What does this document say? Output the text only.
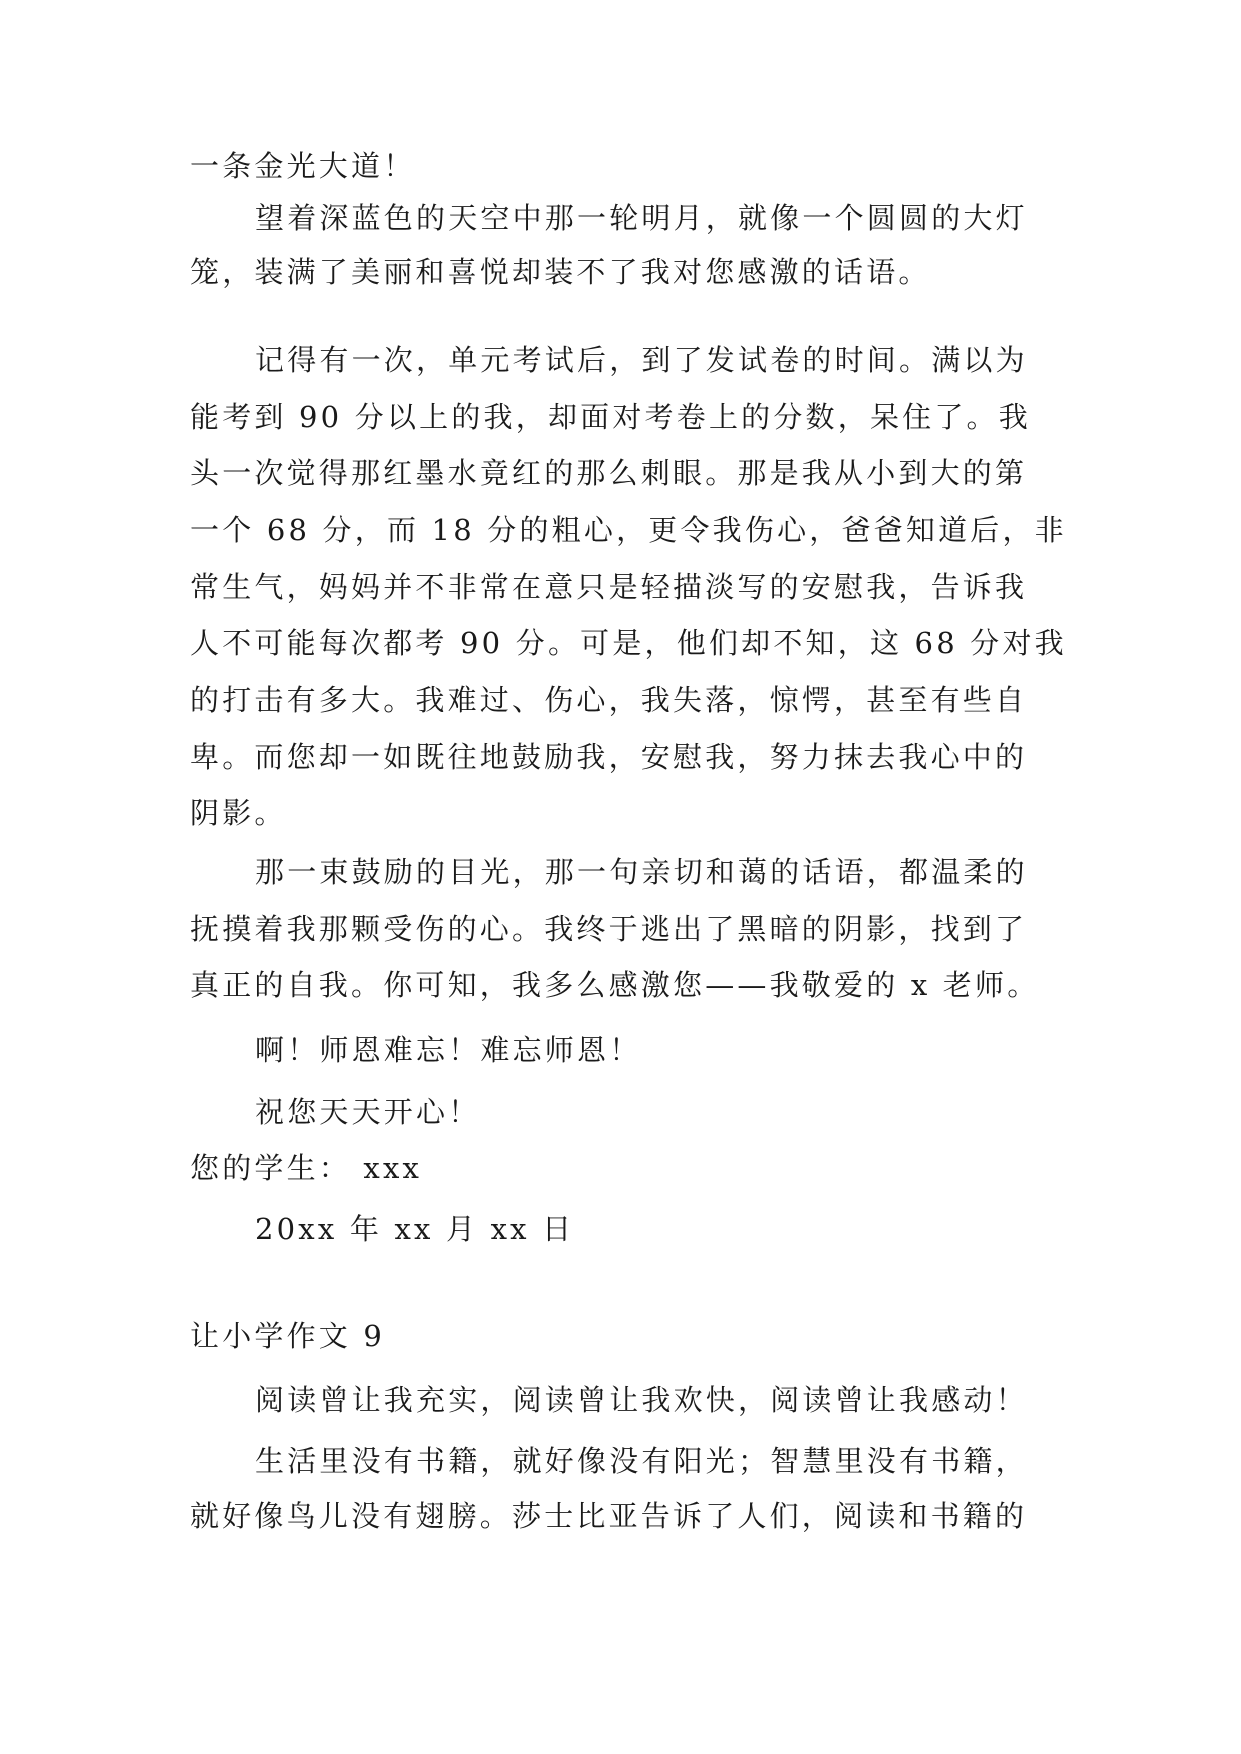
一条金光大道！
望着深蓝色的天空中那一轮明月，就像一个圆圆的大灯
笼，装满了美丽和喜悦却装不了我对您感激的话语。
记得有一次，单元考试后，到了发试卷的时间。满以为
能考到 90 分以上的我，却面对考卷上的分数，呆住了。我
头一次觉得那红墨水竟红的那么刺眼。那是我从小到大的第
一个 68 分，而 18 分的粗心，更令我伤心，爸爸知道后，非
常生气，妈妈并不非常在意只是轻描淡写的安慰我，告诉我
人不可能每次都考 90 分。可是，他们却不知，这 68 分对我
的打击有多大。我难过、伤心，我失落，惊愕，甚至有些自
卑。而您却一如既往地鼓励我，安慰我，努力抹去我心中的
阴影。
那一束鼓励的目光，那一句亲切和蔼的话语，都温柔的
抚摸着我那颗受伤的心。我终于逃出了黑暗的阴影，找到了
真正的自我。你可知，我多么感激您——我敬爱的 x 老师。
啊！师恩难忘！难忘师恩！
祝您天天开心！
您的学生： xxx
20xx 年 xx 月 xx 日
让小学作文 9
阅读曾让我充实，阅读曾让我欢快，阅读曾让我感动！
生活里没有书籍，就好像没有阳光；智慧里没有书籍，
就好像鸟儿没有翅膀。莎士比亚告诉了人们，阅读和书籍的
